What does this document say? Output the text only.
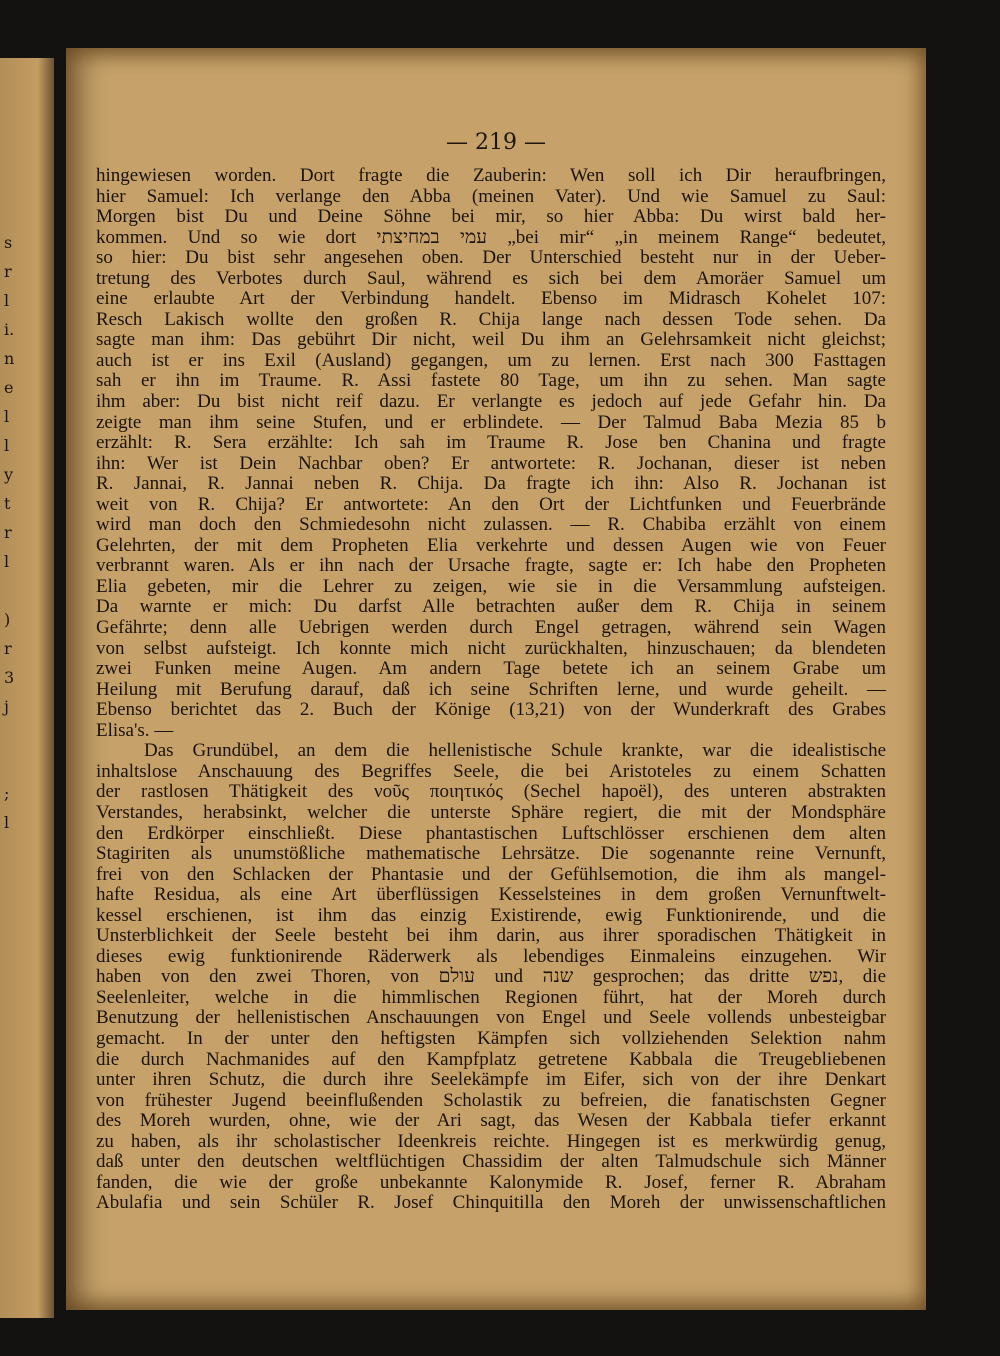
s
r
l
i.
n
e
l
l
y
t
r
l

)
r
3
j

;
l
— 219 —
hingewiesen worden. Dort fragte die Zauberin: Wen soll ich Dir heraufbringen,
hier Samuel: Ich verlange den Abba (meinen Vater). Und wie Samuel zu Saul:
Morgen bist Du und Deine Söhne bei mir, so hier Abba: Du wirst bald her-
kommen. Und so wie dort עמי במחיצתי „bei mir“ „in meinem Range“ bedeutet,
so hier: Du bist sehr angesehen oben. Der Unterschied besteht nur in der Ueber-
tretung des Verbotes durch Saul, während es sich bei dem Amoräer Samuel um
eine erlaubte Art der Verbindung handelt. Ebenso im Midrasch Kohelet 107:
Resch Lakisch wollte den großen R. Chija lange nach dessen Tode sehen. Da
sagte man ihm: Das gebührt Dir nicht, weil Du ihm an Gelehrsamkeit nicht gleichst;
auch ist er ins Exil (Ausland) gegangen, um zu lernen. Erst nach 300 Fasttagen
sah er ihn im Traume. R. Assi fastete 80 Tage, um ihn zu sehen. Man sagte
ihm aber: Du bist nicht reif dazu. Er verlangte es jedoch auf jede Gefahr hin. Da
zeigte man ihm seine Stufen, und er erblindete. — Der Talmud Baba Mezia 85 b
erzählt: R. Sera erzählte: Ich sah im Traume R. Jose ben Chanina und fragte
ihn: Wer ist Dein Nachbar oben? Er antwortete: R. Jochanan, dieser ist neben
R. Jannai, R. Jannai neben R. Chija. Da fragte ich ihn: Also R. Jochanan ist
weit von R. Chija? Er antwortete: An den Ort der Lichtfunken und Feuerbrände
wird man doch den Schmiedesohn nicht zulassen. — R. Chabiba erzählt von einem
Gelehrten, der mit dem Propheten Elia verkehrte und dessen Augen wie von Feuer
verbrannt waren. Als er ihn nach der Ursache fragte, sagte er: Ich habe den Propheten
Elia gebeten, mir die Lehrer zu zeigen, wie sie in die Versammlung aufsteigen.
Da warnte er mich: Du darfst Alle betrachten außer dem R. Chija in seinem
Gefährte; denn alle Uebrigen werden durch Engel getragen, während sein Wagen
von selbst aufsteigt. Ich konnte mich nicht zurückhalten, hinzuschauen; da blendeten
zwei Funken meine Augen. Am andern Tage betete ich an seinem Grabe um
Heilung mit Berufung darauf, daß ich seine Schriften lerne, und wurde geheilt. —
Ebenso berichtet das 2. Buch der Könige (13,21) von der Wunderkraft des Grabes
Elisa's. —
Das Grundübel, an dem die hellenistische Schule krankte, war die idealistische
inhaltslose Anschauung des Begriffes Seele, die bei Aristoteles zu einem Schatten
der rastlosen Thätigkeit des νοῦς ποιητικός (Sechel hapoël), des unteren abstrakten
Verstandes, herabsinkt, welcher die unterste Sphäre regiert, die mit der Mondsphäre
den Erdkörper einschließt. Diese phantastischen Luftschlösser erschienen dem alten
Stagiriten als unumstößliche mathematische Lehrsätze. Die sogenannte reine Vernunft,
frei von den Schlacken der Phantasie und der Gefühlsemotion, die ihm als mangel-
hafte Residua, als eine Art überflüssigen Kesselsteines in dem großen Vernunftwelt-
kessel erschienen, ist ihm das einzig Existirende, ewig Funktionirende, und die
Unsterblichkeit der Seele besteht bei ihm darin, aus ihrer sporadischen Thätigkeit in
dieses ewig funktionirende Räderwerk als lebendiges Einmaleins einzugehen. Wir
haben von den zwei Thoren, von עולם und שנה gesprochen; das dritte נפש, die
Seelenleiter, welche in die himmlischen Regionen führt, hat der Moreh durch
Benutzung der hellenistischen Anschauungen von Engel und Seele vollends unbesteigbar
gemacht. In der unter den heftigsten Kämpfen sich vollziehenden Selektion nahm
die durch Nachmanides auf den Kampfplatz getretene Kabbala die Treugebliebenen
unter ihren Schutz, die durch ihre Seelekämpfe im Eifer, sich von der ihre Denkart
von frühester Jugend beeinflußenden Scholastik zu befreien, die fanatischsten Gegner
des Moreh wurden, ohne, wie der Ari sagt, das Wesen der Kabbala tiefer erkannt
zu haben, als ihr scholastischer Ideenkreis reichte. Hingegen ist es merkwürdig genug,
daß unter den deutschen weltflüchtigen Chassidim der alten Talmudschule sich Männer
fanden, die wie der große unbekannte Kalonymide R. Josef, ferner R. Abraham
Abulafia und sein Schüler R. Josef Chinquitilla den Moreh der unwissenschaftlichen
